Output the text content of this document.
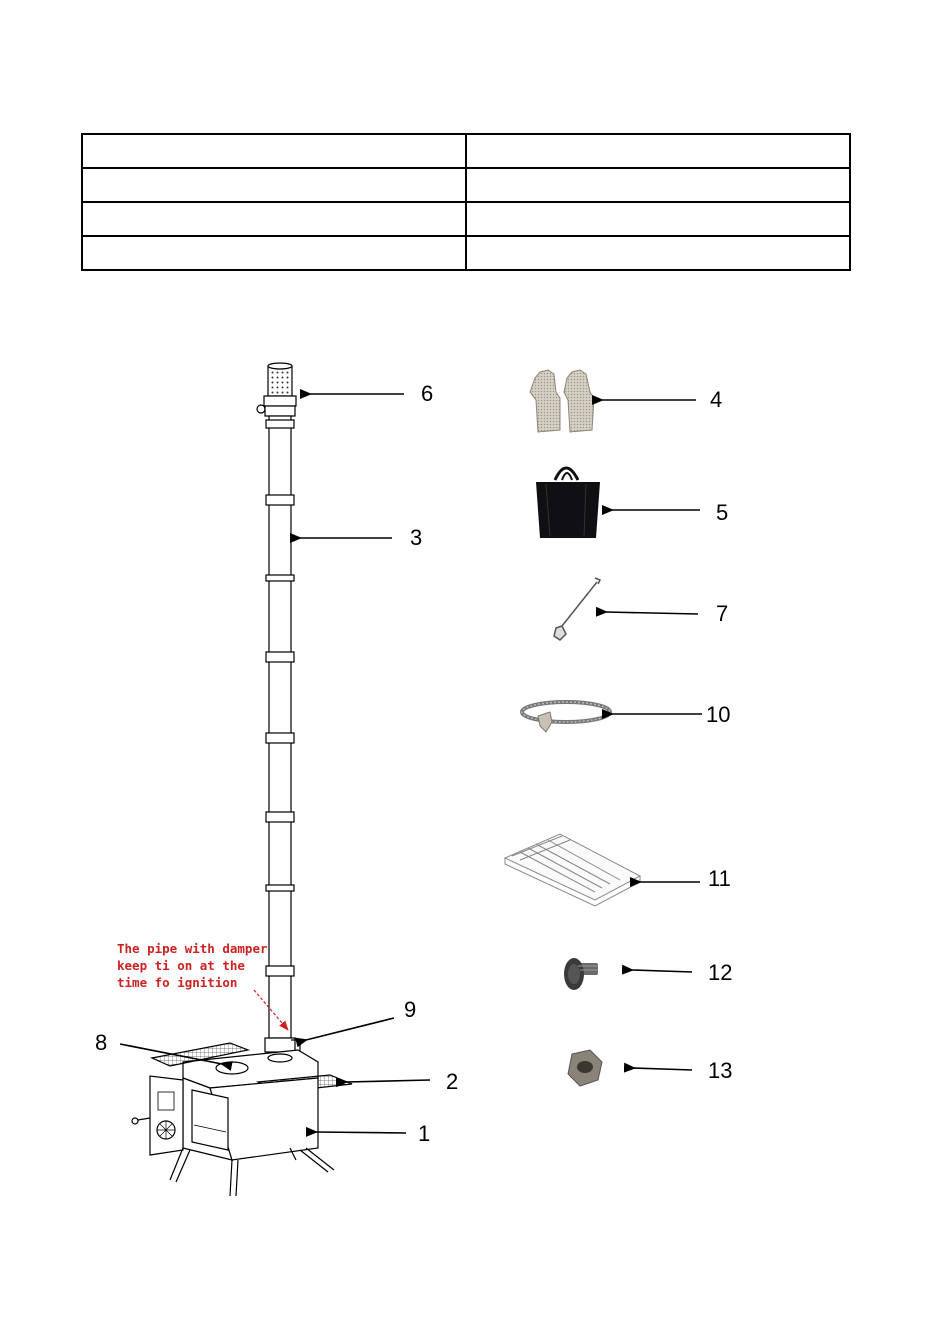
6
3
4
5
7
10
11
12
13
9
8
2
1
The pipe with damper
keep ti on at the
time fo ignition
